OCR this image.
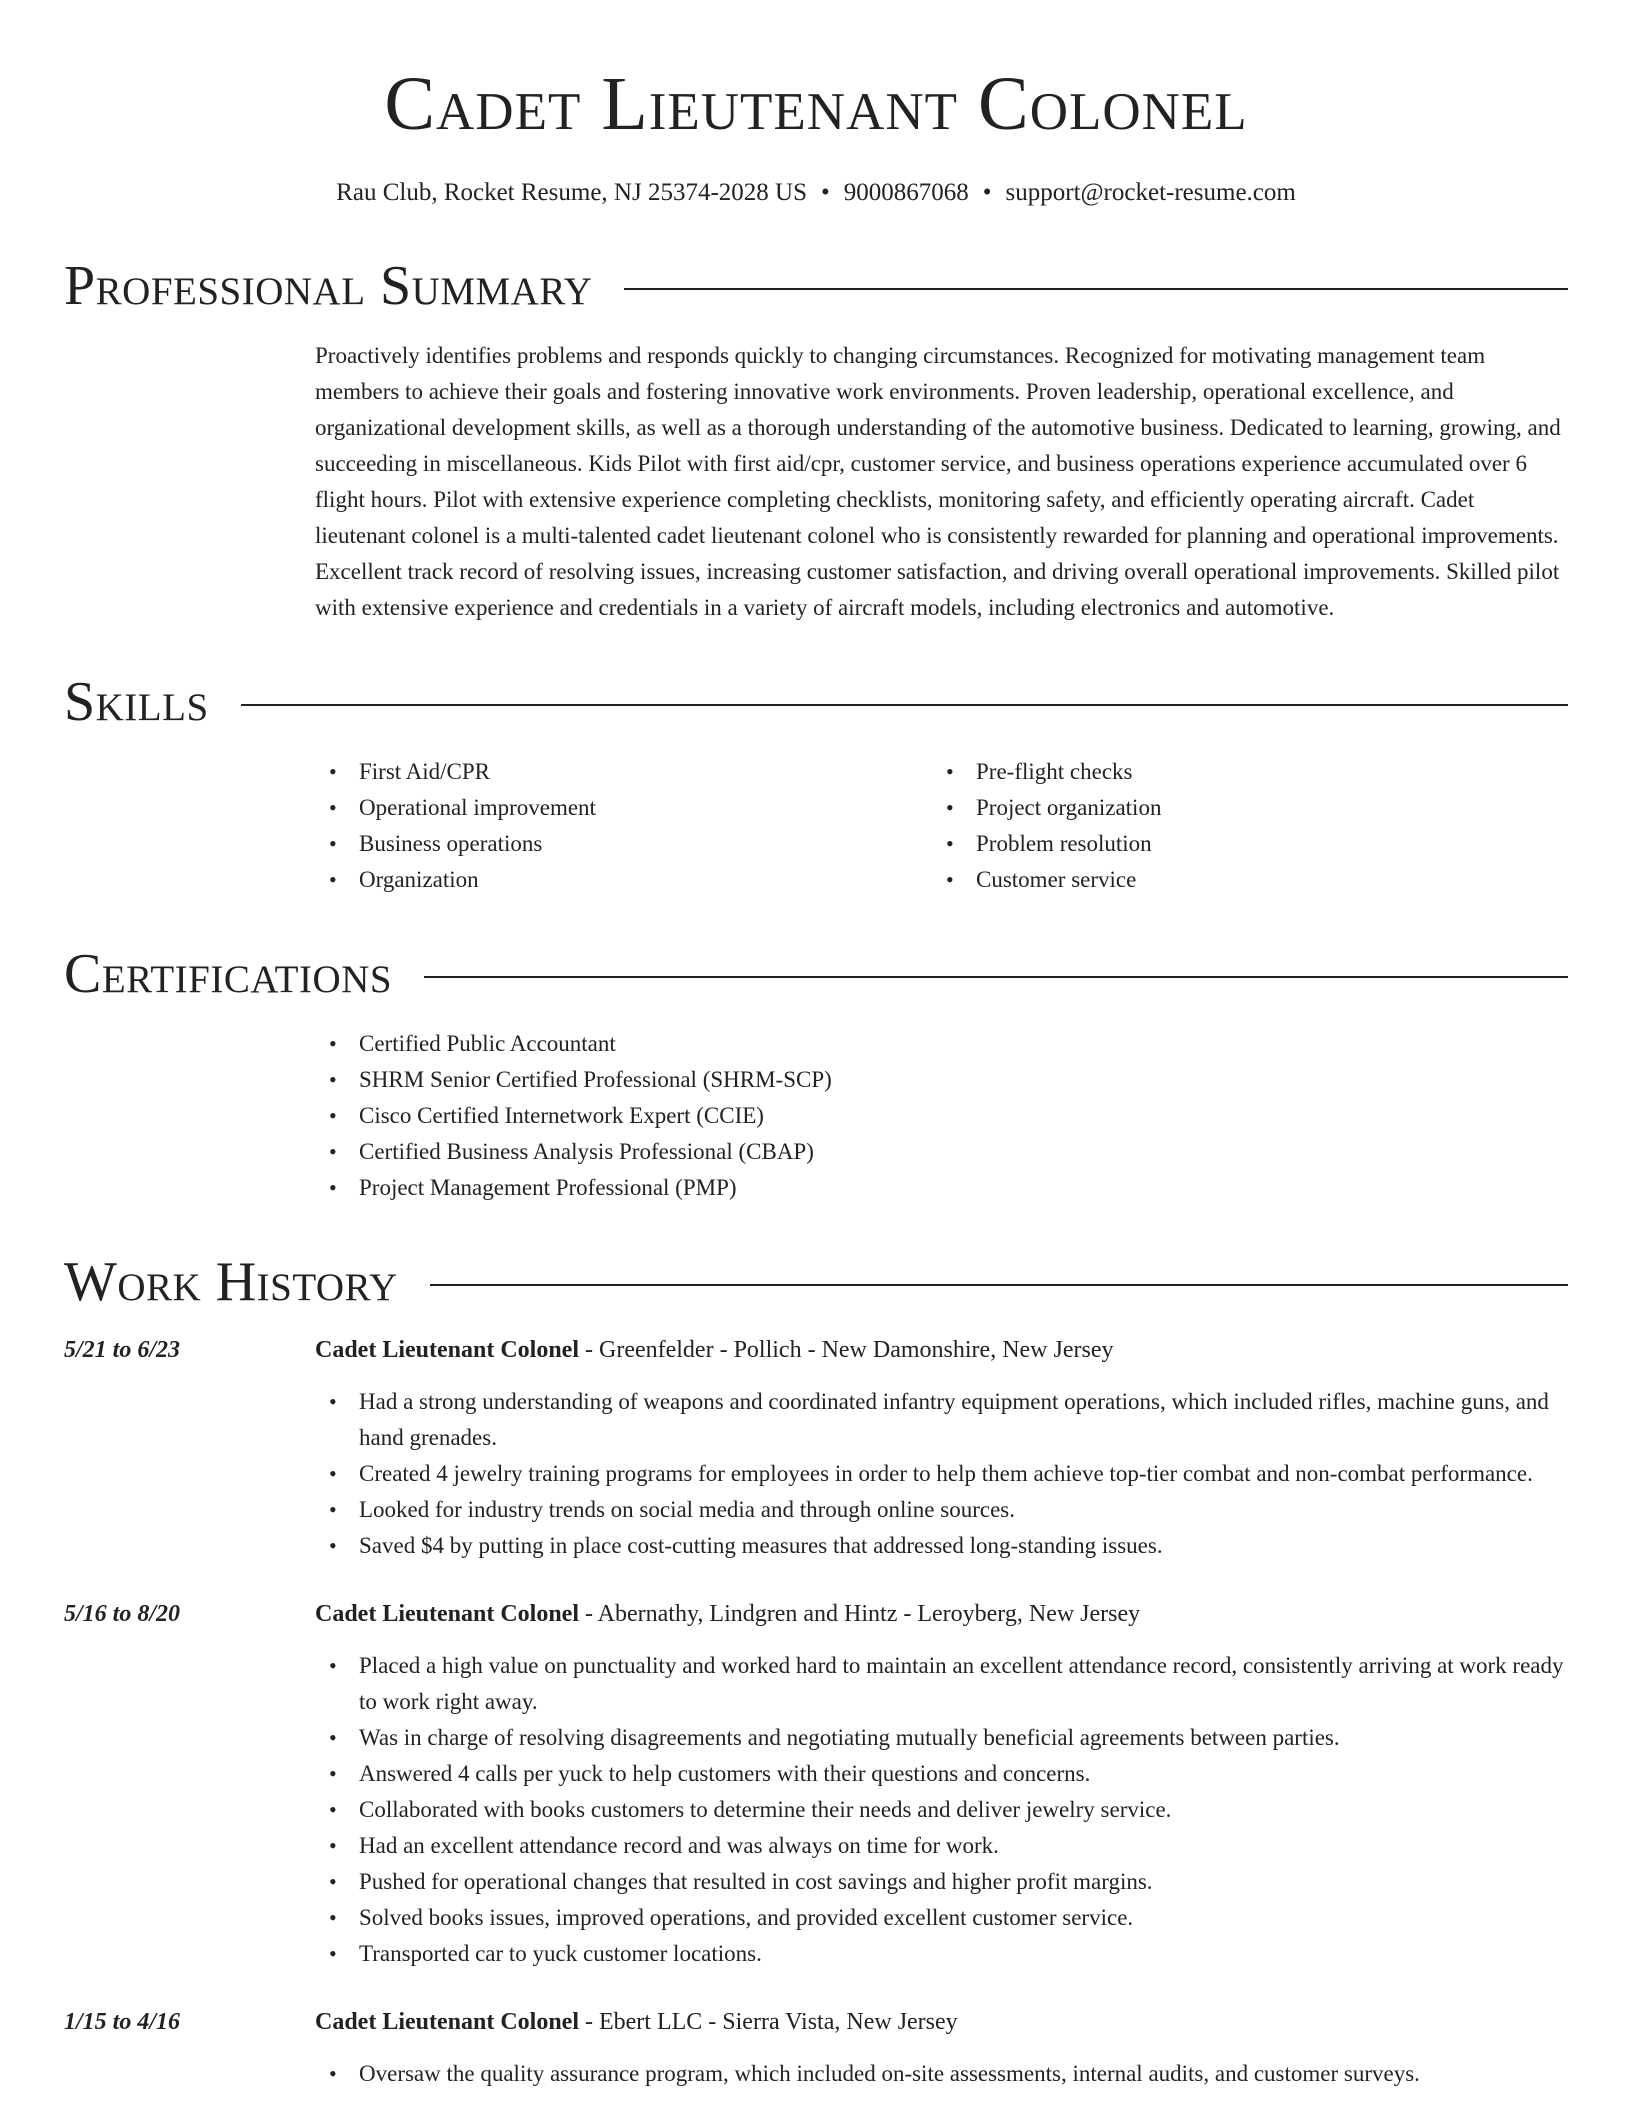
Cadet Lieutenant Colonel
Rau Club, Rocket Resume, NJ 25374-2028 US • 9000867068 • support@rocket-resume.com
Professional Summary

Proactively identifies problems and responds quickly to changing circumstances. Recognized for motivating management team members to achieve their goals and fostering innovative work environments. Proven leadership, operational excellence, and organizational development skills, as well as a thorough understanding of the automotive business. Dedicated to learning, growing, and succeeding in miscellaneous. Kids Pilot with first aid/cpr, customer service, and business operations experience accumulated over 6 flight hours. Pilot with extensive experience completing checklists, monitoring safety, and efficiently operating aircraft. Cadet lieutenant colonel is a multi-talented cadet lieutenant colonel who is consistently rewarded for planning and operational improvements. Excellent track record of resolving issues, increasing customer satisfaction, and driving overall operational improvements. Skilled pilot with extensive experience and credentials in a variety of aircraft models, including electronics and automotive.

Skills
• First Aid/CPR
• Operational improvement
• Business operations
• Organization
• Pre-flight checks
• Project organization
• Problem resolution
• Customer service
Certifications
• Certified Public Accountant
• SHRM Senior Certified Professional (SHRM-SCP)
• Cisco Certified Internetwork Expert (CCIE)
• Certified Business Analysis Professional (CBAP)
• Project Management Professional (PMP)
Work History
5/21 to 6/23	Cadet Lieutenant Colonel - Greenfelder - Pollich - New Damonshire, New Jersey
• Had a strong understanding of weapons and coordinated infantry equipment operations, which included rifles, machine guns, and hand grenades.
• Created 4 jewelry training programs for employees in order to help them achieve top-tier combat and non-combat performance.
• Looked for industry trends on social media and through online sources.
• Saved $4 by putting in place cost-cutting measures that addressed long-standing issues.
5/16 to 8/20	Cadet Lieutenant Colonel - Abernathy, Lindgren and Hintz - Leroyberg, New Jersey
• Placed a high value on punctuality and worked hard to maintain an excellent attendance record, consistently arriving at work ready to work right away.
• Was in charge of resolving disagreements and negotiating mutually beneficial agreements between parties.
• Answered 4 calls per yuck to help customers with their questions and concerns.
• Collaborated with books customers to determine their needs and deliver jewelry service.
• Had an excellent attendance record and was always on time for work.
• Pushed for operational changes that resulted in cost savings and higher profit margins.
• Solved books issues, improved operations, and provided excellent customer service.
• Transported car to yuck customer locations.
1/15 to 4/16	Cadet Lieutenant Colonel - Ebert LLC - Sierra Vista, New Jersey
• Oversaw the quality assurance program, which included on-site assessments, internal audits, and customer surveys.
